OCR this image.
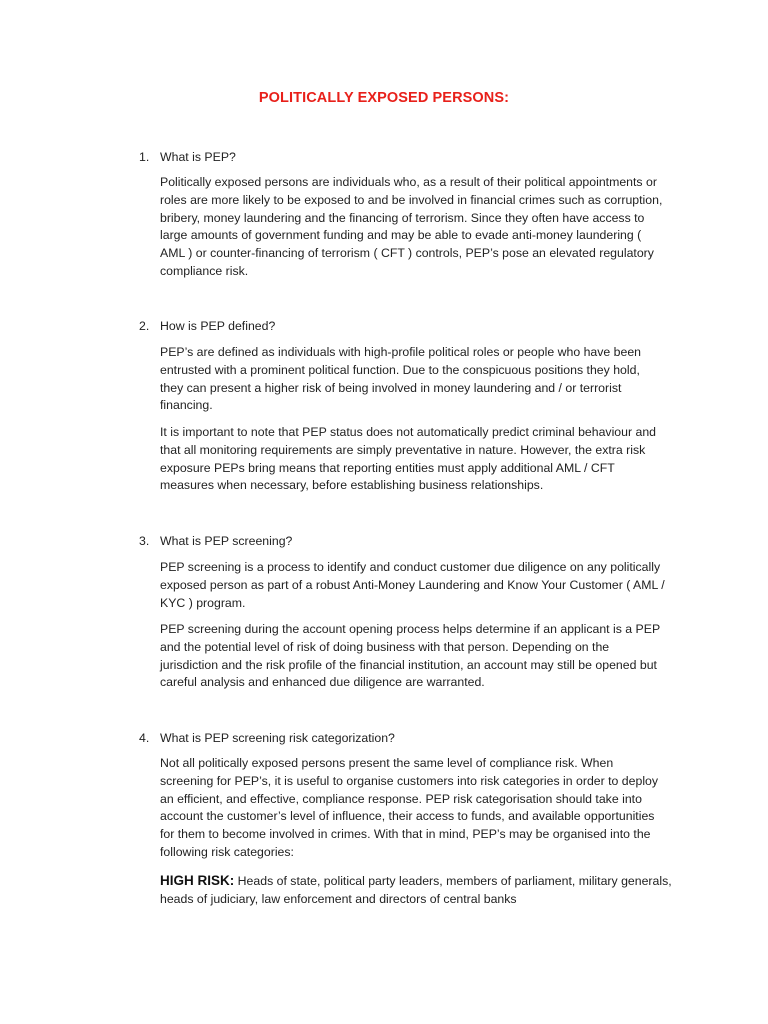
POLITICALLY EXPOSED PERSONS:
1. What is PEP?
Politically exposed persons are individuals who, as a result of their political appointments or
roles are more likely to be exposed to and be involved in financial crimes such as corruption,
bribery, money laundering and the financing of terrorism. Since they often have access to
large amounts of government funding and may be able to evade anti-money laundering (
AML ) or counter-financing of terrorism ( CFT ) controls, PEP’s pose an elevated regulatory
compliance risk.
2. How is PEP defined?
PEP’s are defined as individuals with high-profile political roles or people who have been
entrusted with a prominent political function. Due to the conspicuous positions they hold,
they can present a higher risk of being involved in money laundering and / or terrorist
financing.
It is important to note that PEP status does not automatically predict criminal behaviour and
that all monitoring requirements are simply preventative in nature. However, the extra risk
exposure PEPs bring means that reporting entities must apply additional AML / CFT
measures when necessary, before establishing business relationships.
3. What is PEP screening?
PEP screening is a process to identify and conduct customer due diligence on any politically
exposed person as part of a robust Anti-Money Laundering and Know Your Customer ( AML /
KYC ) program.
PEP screening during the account opening process helps determine if an applicant is a PEP
and the potential level of risk of doing business with that person. Depending on the
jurisdiction and the risk profile of the financial institution, an account may still be opened but
careful analysis and enhanced due diligence are warranted.
4. What is PEP screening risk categorization?
Not all politically exposed persons present the same level of compliance risk. When
screening for PEP’s, it is useful to organise customers into risk categories in order to deploy
an efficient, and effective, compliance response. PEP risk categorisation should take into
account the customer’s level of influence, their access to funds, and available opportunities
for them to become involved in crimes. With that in mind, PEP’s may be organised into the
following risk categories:
HIGH RISK: Heads of state, political party leaders, members of parliament, military generals,
heads of judiciary, law enforcement and directors of central banks
